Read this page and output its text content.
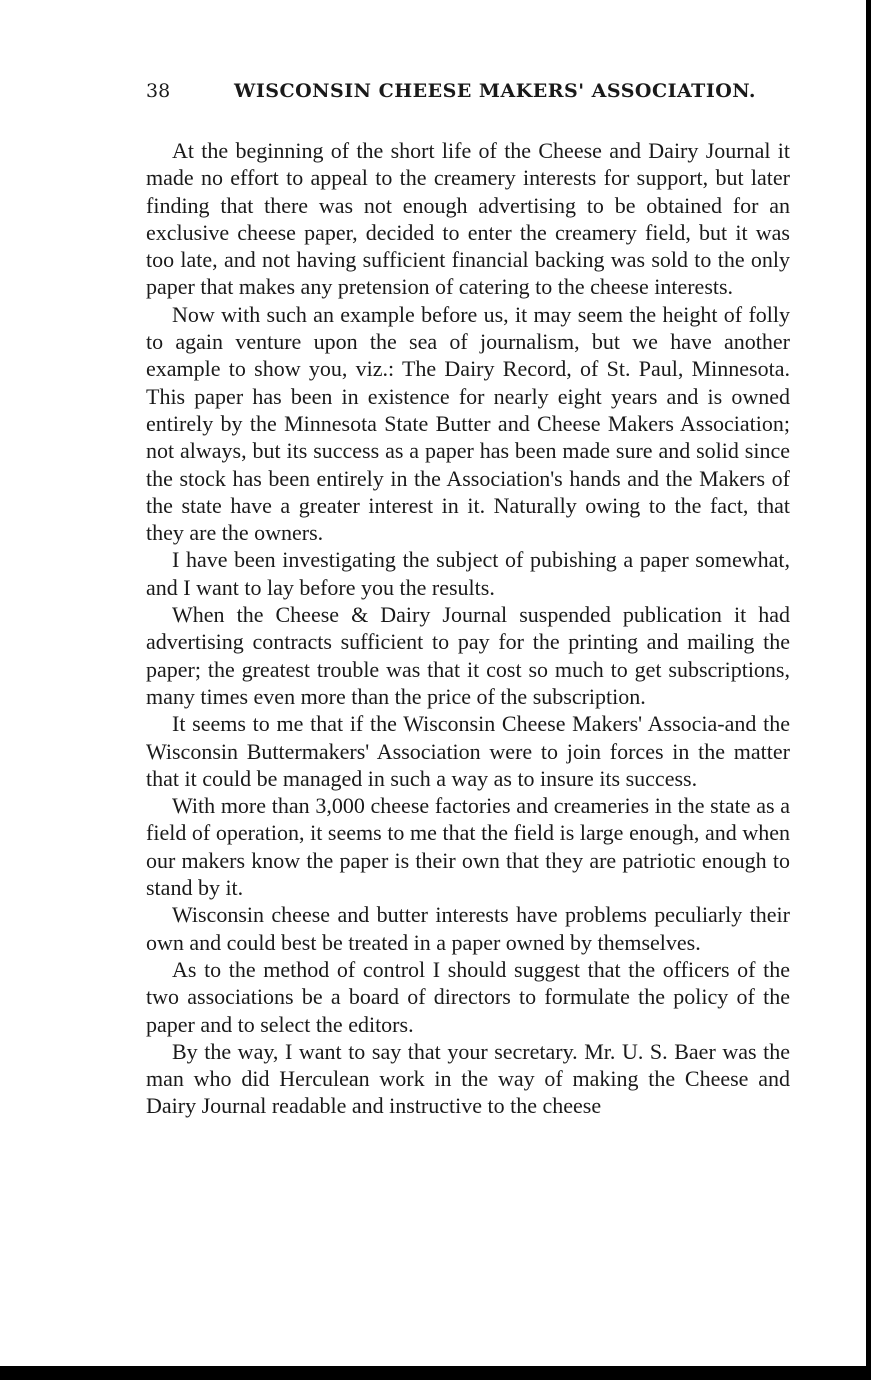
38	WISCONSIN CHEESE MAKERS' ASSOCIATION.

At the beginning of the short life of the Cheese and Dairy Journal it made no effort to appeal to the creamery interests for support, but later finding that there was not enough advertising to be obtained for an exclusive cheese paper, decided to enter the creamery field, but it was too late, and not having sufficient financial backing was sold to the only paper that makes any pretension of catering to the cheese interests.

Now with such an example before us, it may seem the height of folly to again venture upon the sea of journalism, but we have another example to show you, viz.: The Dairy Record, of St. Paul, Minnesota. This paper has been in existence for nearly eight years and is owned entirely by the Minnesota State Butter and Cheese Makers Association; not always, but its success as a paper has been made sure and solid since the stock has been entirely in the Association's hands and the Makers of the state have a greater interest in it. Naturally owing to the fact, that they are the owners.

I have been investigating the subject of pubishing a paper somewhat, and I want to lay before you the results.

When the Cheese & Dairy Journal suspended publication it had advertising contracts sufficient to pay for the printing and mailing the paper; the greatest trouble was that it cost so much to get subscriptions, many times even more than the price of the subscription.

It seems to me that if the Wisconsin Cheese Makers' Associa-and the Wisconsin Buttermakers' Association were to join forces in the matter that it could be managed in such a way as to insure its success.

With more than 3,000 cheese factories and creameries in the state as a field of operation, it seems to me that the field is large enough, and when our makers know the paper is their own that they are patriotic enough to stand by it.

Wisconsin cheese and butter interests have problems peculiarly their own and could best be treated in a paper owned by themselves.

As to the method of control I should suggest that the officers of the two associations be a board of directors to formulate the policy of the paper and to select the editors.

By the way, I want to say that your secretary. Mr. U. S. Baer was the man who did Herculean work in the way of making the Cheese and Dairy Journal readable and instructive to the cheese
